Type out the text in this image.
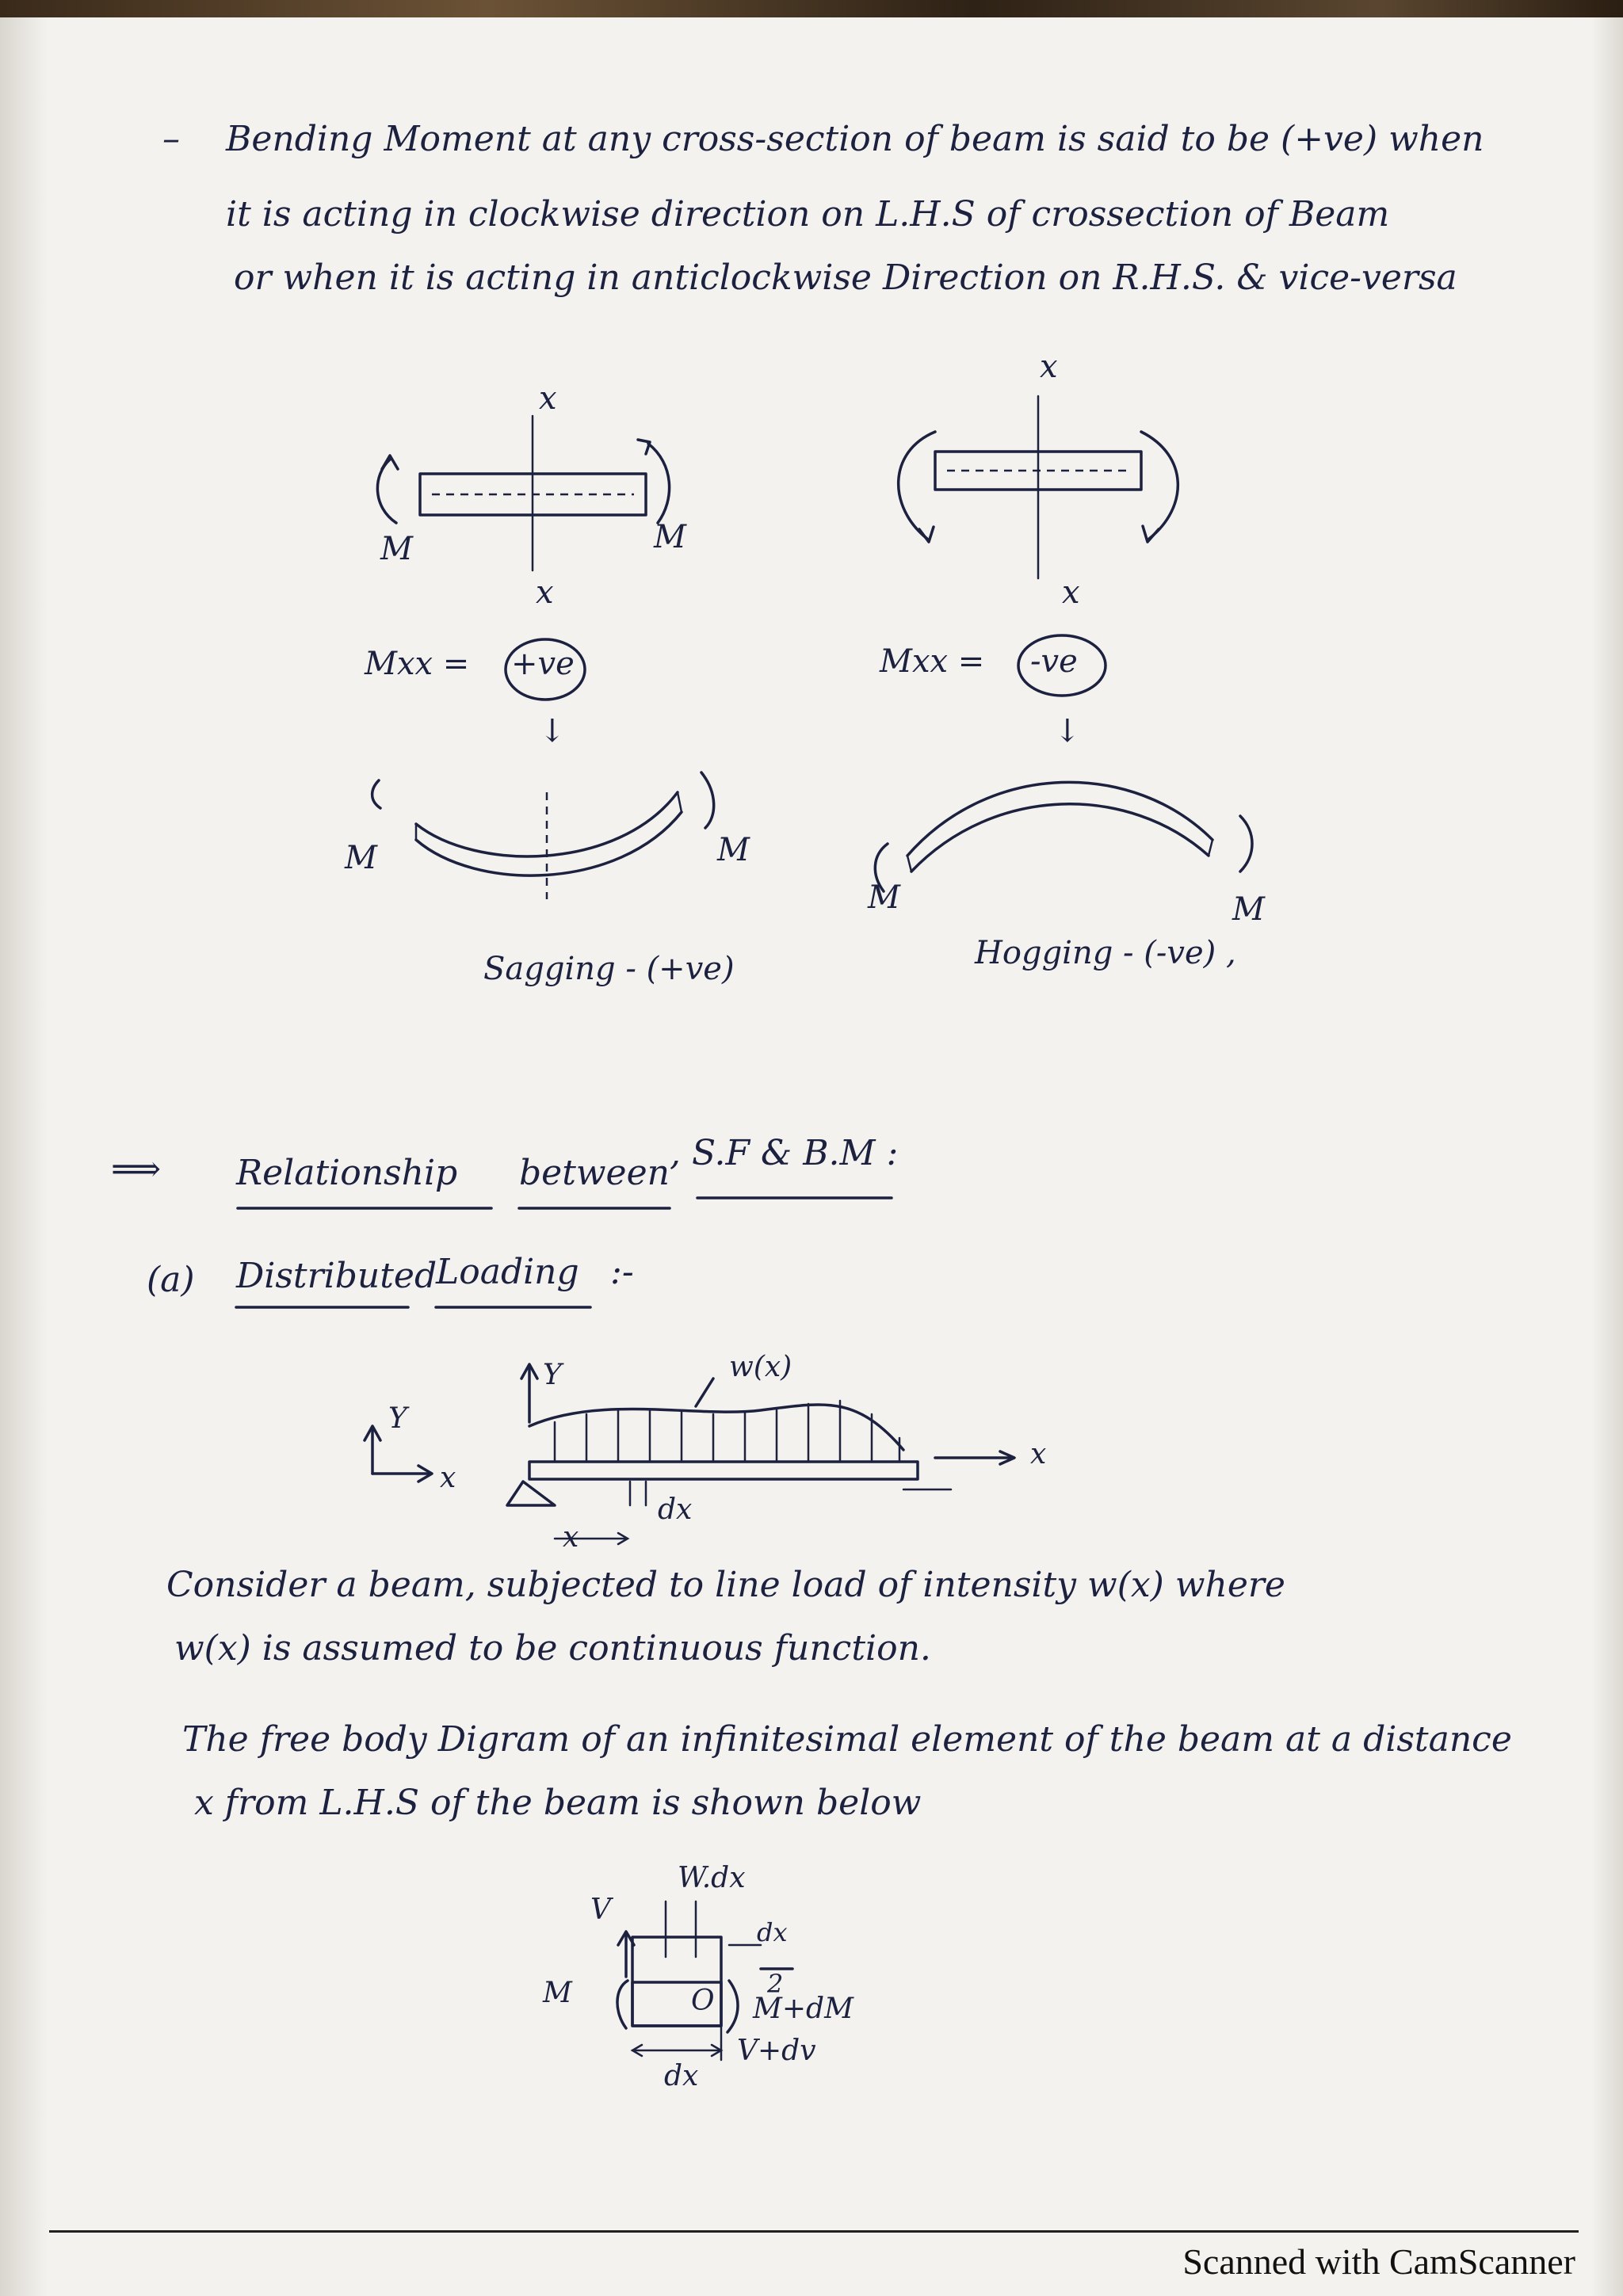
– Bending Moment at any cross-section of beam is said to be (+ve) when
it is acting in clockwise direction on L.H.S of crossection of Beam
or when it is acting in anticlockwise Direction on R.H.S. & vice-versa
x
M	M
x
Mxx = +ve
↓
M	M
Sagging - (+ve)
x
x
Mxx = -ve
↓
M	M
Hogging - (-ve) ,
⟹ Relationship between , S.F & B.M :
(a) Distributed
Loading :-
Y
x
Y	w(x)
dx
x
x
Consider a beam, subjected to line load of intensity w(x) where
w(x) is assumed to be continuous function.
The free body Digram of an infinitesimal element of the beam at a distance
x from L.H.S of the beam is shown below
W.dx
V
M
dx
2
O M+dM
V+dv
dx
Scanned with CamScanner
